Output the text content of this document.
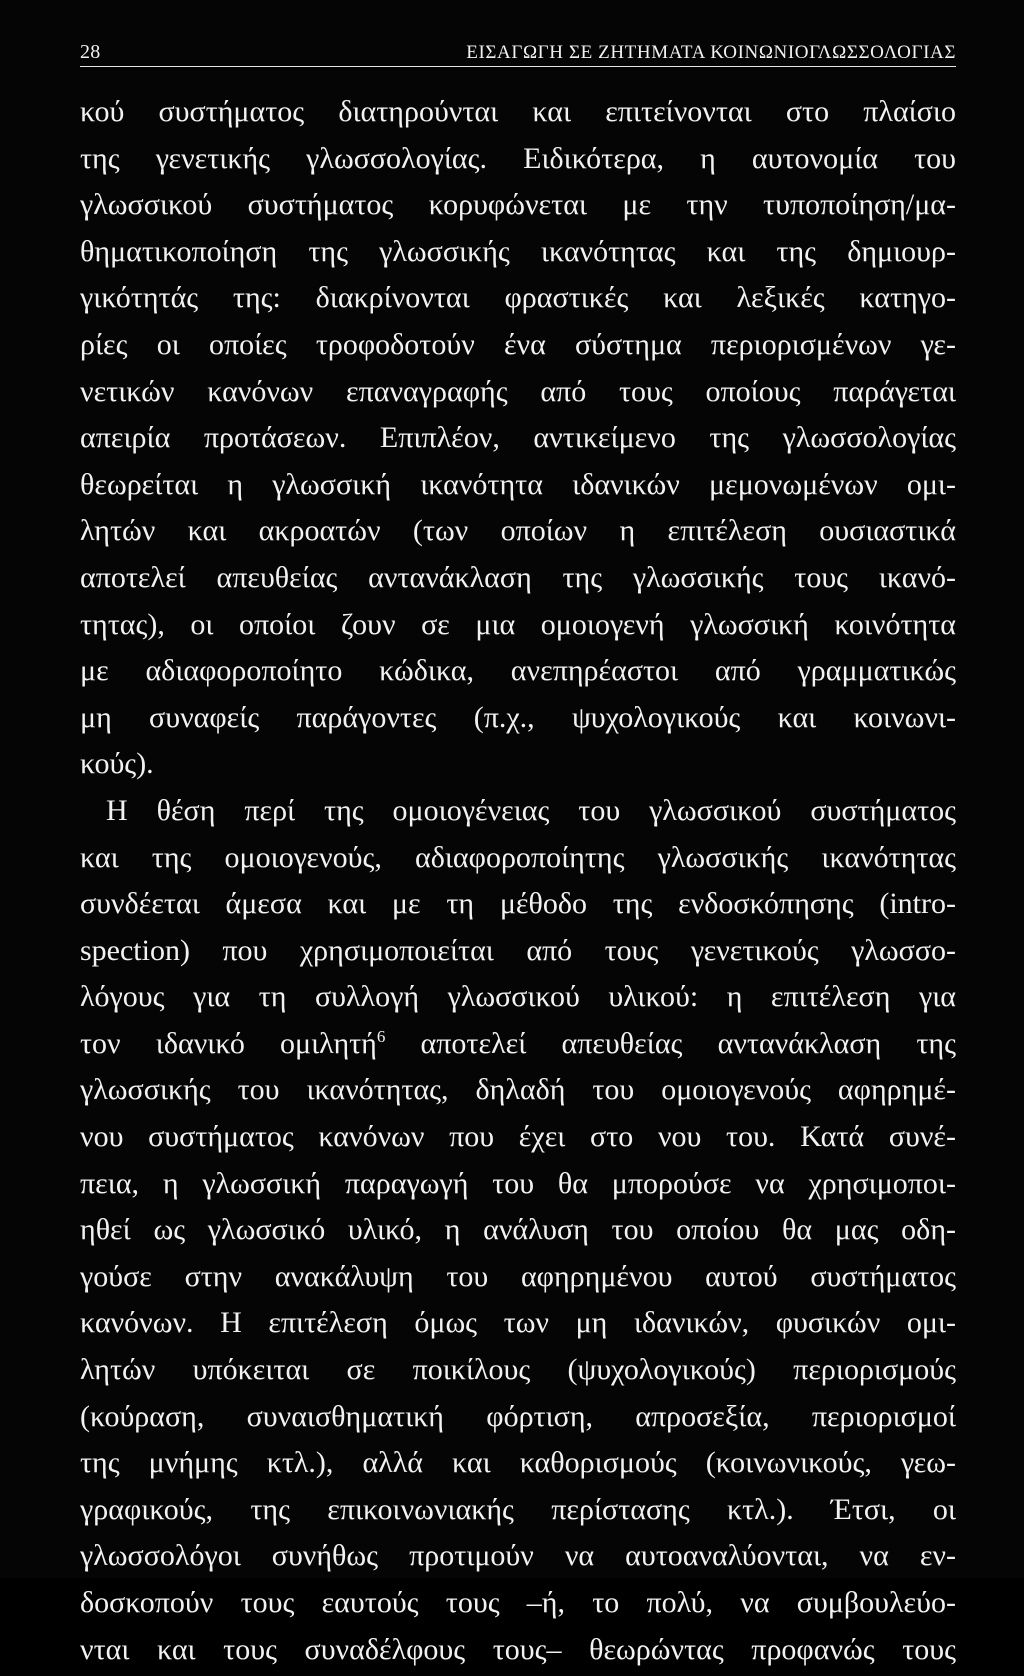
28	ΕΙΣΑΓΩΓΗ ΣΕ ΖΗΤΗΜΑΤΑ ΚΟΙΝΩΝΙΟΓΛΩΣΣΟΛΟΓΙΑΣ
κού συστήματος διατηρούνται και επιτείνονται στο πλαίσιο
της γενετικής γλωσσολογίας. Ειδικότερα, η αυτονομία του
γλωσσικού συστήματος κορυφώνεται με την τυποποίηση/μα-
θηματικοποίηση της γλωσσικής ικανότητας και της δημιουρ-
γικότητάς της: διακρίνονται φραστικές και λεξικές κατηγο-
ρίες οι οποίες τροφοδοτούν ένα σύστημα περιορισμένων γε-
νετικών κανόνων επαναγραφής από τους οποίους παράγεται
απειρία προτάσεων. Επιπλέον, αντικείμενο της γλωσσολογίας
θεωρείται η γλωσσική ικανότητα ιδανικών μεμονωμένων ομι-
λητών και ακροατών (των οποίων η επιτέλεση ουσιαστικά
αποτελεί απευθείας αντανάκλαση της γλωσσικής τους ικανό-
τητας), οι οποίοι ζουν σε μια ομοιογενή γλωσσική κοινότητα
με αδιαφοροποίητο κώδικα, ανεπηρέαστοι από γραμματικώς
μη συναφείς παράγοντες (π.χ., ψυχολογικούς και κοινωνι-
κούς).
Η θέση περί της ομοιογένειας του γλωσσικού συστήματος
και της ομοιογενούς, αδιαφοροποίητης γλωσσικής ικανότητας
συνδέεται άμεσα και με τη μέθοδο της ενδοσκόπησης (intro-
spection) που χρησιμοποιείται από τους γενετικούς γλωσσο-
λόγους για τη συλλογή γλωσσικού υλικού: η επιτέλεση για
τον ιδανικό ομιλητή$^6$ αποτελεί απευθείας αντανάκλαση της
γλωσσικής του ικανότητας, δηλαδή του ομοιογενούς αφηρημέ-
νου συστήματος κανόνων που έχει στο νου του. Κατά συνέ-
πεια, η γλωσσική παραγωγή του θα μπορούσε να χρησιμοποι-
ηθεί ως γλωσσικό υλικό, η ανάλυση του οποίου θα μας οδη-
γούσε στην ανακάλυψη του αφηρημένου αυτού συστήματος
κανόνων. Η επιτέλεση όμως των μη ιδανικών, φυσικών ομι-
λητών υπόκειται σε ποικίλους (ψυχολογικούς) περιορισμούς
(κούραση, συναισθηματική φόρτιση, απροσεξία, περιορισμοί
της μνήμης κτλ.), αλλά και καθορισμούς (κοινωνικούς, γεω-
γραφικούς, της επικοινωνιακής περίστασης κτλ.). Έτσι, οι
γλωσσολόγοι συνήθως προτιμούν να αυτοαναλύονται, να εν-
δοσκοπούν τους εαυτούς τους –ή, το πολύ, να συμβουλεύο-
νται και τους συναδέλφους τους– θεωρώντας προφανώς τους
